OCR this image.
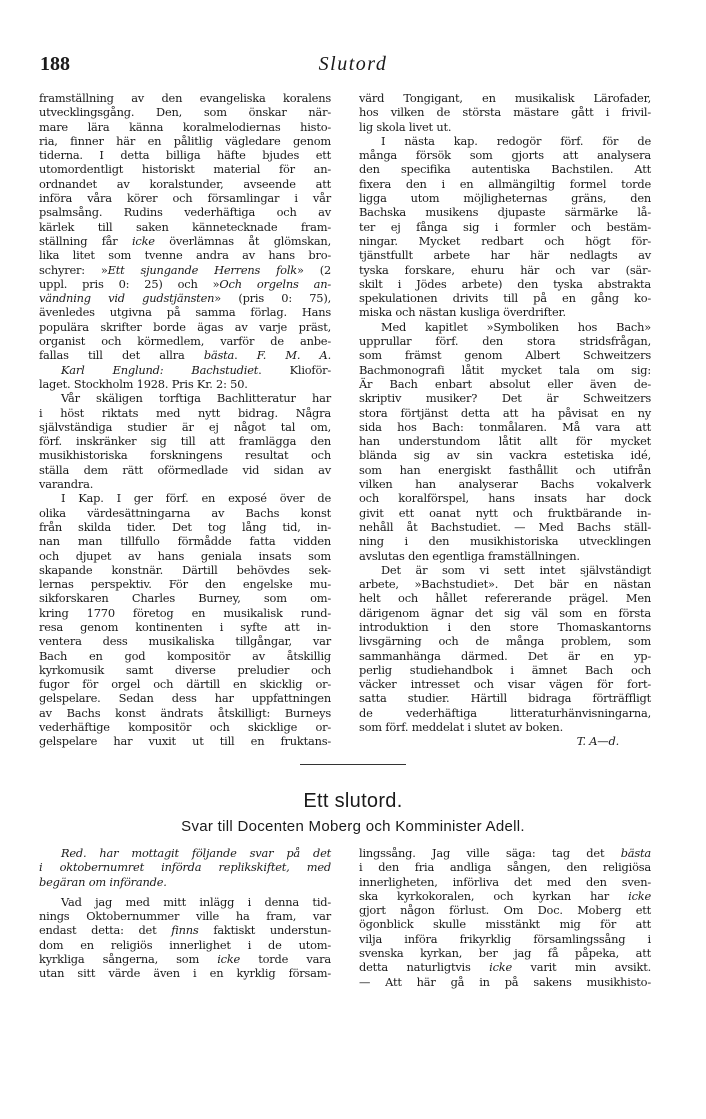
188	Slutord
framställning av den evangeliska koralens
utvecklingsgång. Den, som önskar när-
mare lära känna koralmelodiernas histo-
ria, finner här en pålitlig vägledare genom
tiderna. I detta billiga häfte bjudes ett
utomordentligt historiskt material för an-
ordnandet av koralstunder, avseende att
införa våra körer och församlingar i vår
psalmsång. Rudins vederhäftiga och av
kärlek till saken kännetecknade fram-
ställning får icke överlämnas åt glömskan,
lika litet som tvenne andra av hans bro-
schyrer: »Ett sjungande Herrens folk» (2
uppl. pris 0: 25) och »Och orgelns an-
vändning vid gudstjänsten» (pris 0: 75),
ävenledes utgivna på samma förlag. Hans
populära skrifter borde ägas av varje präst,
organist och körmedlem, varför de anbe-
fallas till det allra bästa. F. M. A.
Karl Englund: Bachstudiet. Klioför-
laget. Stockholm 1928. Pris Kr. 2: 50.
Vår skäligen torftiga Bachlitteratur har
i höst riktats med nytt bidrag. Några
självständiga studier är ej något tal om,
förf. inskränker sig till att framlägga den
musikhistoriska forskningens resultat och
ställa dem rätt oförmedlade vid sidan av
varandra.
I Kap. I ger förf. en exposé över de
olika värdesättningarna av Bachs konst
från skilda tider. Det tog lång tid, in-
nan man tillfullo förmådde fatta vidden
och djupet av hans geniala insats som
skapande konstnär. Därtill behövdes sek-
lernas perspektiv. För den engelske mu-
sikforskaren Charles Burney, som om-
kring 1770 företog en musikalisk rund-
resa genom kontinenten i syfte att in-
ventera dess musikaliska tillgångar, var
Bach en god kompositör av åtskillig
kyrkomusik samt diverse preludier och
fugor för orgel och därtill en skicklig or-
gelspelare. Sedan dess har uppfattningen
av Bachs konst ändrats åtskilligt: Burneys
vederhäftige kompositör och skicklige or-
gelspelare har vuxit ut till en fruktans-
värd Tongigant, en musikalisk Lärofader,
hos vilken de största mästare gått i frivil-
lig skola livet ut.
I nästa kap. redogör förf. för de
många försök som gjorts att analysera
den specifika autentiska Bachstilen. Att
fixera den i en allmängiltig formel torde
ligga utom möjligheternas gräns, den
Bachska musikens djupaste särmärke lå-
ter ej fånga sig i formler och bestäm-
ningar. Mycket redbart och högt för-
tjänstfullt arbete har här nedlagts av
tyska forskare, ehuru här och var (sär-
skilt i Jödes arbete) den tyska abstrakta
spekulationen drivits till på en gång ko-
miska och nästan kusliga överdrifter.
Med kapitlet »Symboliken hos Bach»
upprullar förf. den stora stridsfrågan,
som främst genom Albert Schweitzers
Bachmonografi låtit mycket tala om sig:
Är Bach enbart absolut eller även de-
skriptiv musiker? Det är Schweitzers
stora förtjänst detta att ha påvisat en ny
sida hos Bach: tonmålaren. Må vara att
han understundom låtit allt för mycket
blända sig av sin vackra estetiska idé,
som han energiskt fasthållit och utifrån
vilken han analyserar Bachs vokalverk
och koralförspel, hans insats har dock
givit ett oanat nytt och fruktbärande in-
nehåll åt Bachstudiet. — Med Bachs ställ-
ning i den musikhistoriska utvecklingen
avslutas den egentliga framställningen.
Det är som vi sett intet självständigt
arbete, »Bachstudiet». Det bär en nästan
helt och hållet refererande prägel. Men
därigenom ägnar det sig väl som en första
introduktion i den store Thomaskantorns
livsgärning och de många problem, som
sammanhänga därmed. Det är en yp-
perlig studiehandbok i ämnet Bach och
väcker intresset och visar vägen för fort-
satta studier. Härtill bidraga förträffligt
de vederhäftiga litteraturhänvisningarna,
som förf. meddelat i slutet av boken.
T. A—d.
Ett slutord.
Svar till Docenten Moberg och Komminister Adell.
Red. har mottagit följande svar på det
i oktobernumret införda replikskiftet, med
begäran om införande.
Vad jag med mitt inlägg i denna tid-
nings Oktobernummer ville ha fram, var
endast detta: det finns faktiskt understun-
dom en religiös innerlighet i de utom-
kyrkliga sångerna, som icke torde vara
utan sitt värde även i en kyrklig försam-
lingssång. Jag ville säga: tag det bästa
i den fria andliga sången, den religiösa
innerligheten, införliva det med den sven-
ska kyrkokoralen, och kyrkan har icke
gjort någon förlust. Om Doc. Moberg ett
ögonblick skulle misstänkt mig för att
vilja införa frikyrklig församlingssång i
svenska kyrkan, ber jag få påpeka, att
detta naturligtvis icke varit min avsikt.
— Att här gå in på sakens musikhisto-
